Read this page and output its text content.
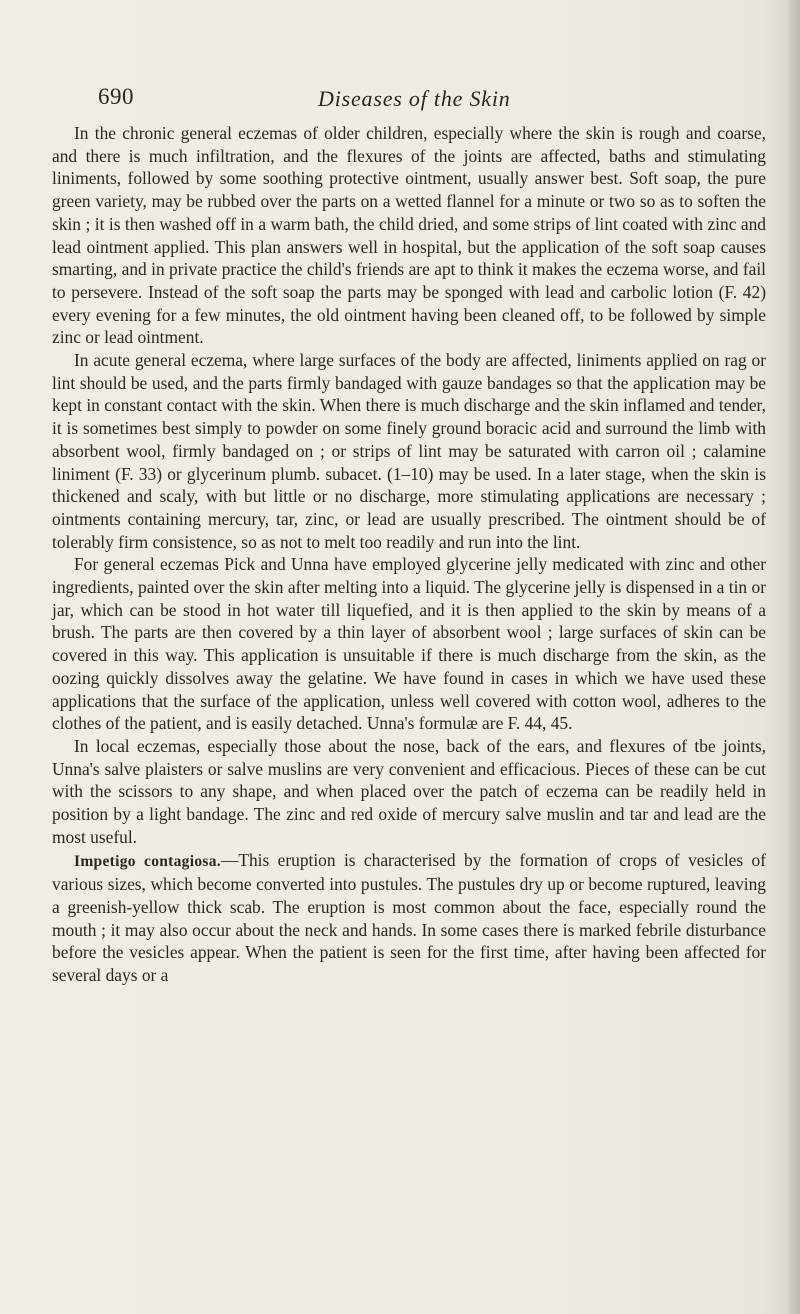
690	Diseases of the Skin

In the chronic general eczemas of older children, especially where the skin is rough and coarse, and there is much infiltration, and the flexures of the joints are affected, baths and stimulating liniments, followed by some soothing protective ointment, usually answer best. Soft soap, the pure green variety, may be rubbed over the parts on a wetted flannel for a minute or two so as to soften the skin ; it is then washed off in a warm bath, the child dried, and some strips of lint coated with zinc and lead ointment applied. This plan answers well in hospital, but the application of the soft soap causes smarting, and in private practice the child's friends are apt to think it makes the eczema worse, and fail to persevere. Instead of the soft soap the parts may be sponged with lead and carbolic lotion (F. 42) every evening for a few minutes, the old ointment having been cleaned off, to be followed by simple zinc or lead ointment.

In acute general eczema, where large surfaces of the body are affected, liniments applied on rag or lint should be used, and the parts firmly bandaged with gauze bandages so that the application may be kept in constant contact with the skin. When there is much discharge and the skin inflamed and tender, it is sometimes best simply to powder on some finely ground boracic acid and surround the limb with absorbent wool, firmly bandaged on ; or strips of lint may be saturated with carron oil ; calamine liniment (F. 33) or glycerinum plumb. subacet. (1–10) may be used. In a later stage, when the skin is thickened and scaly, with but little or no discharge, more stimulating applications are necessary ; ointments containing mercury, tar, zinc, or lead are usually prescribed. The ointment should be of tolerably firm consistence, so as not to melt too readily and run into the lint.

For general eczemas Pick and Unna have employed glycerine jelly medicated with zinc and other ingredients, painted over the skin after melting into a liquid. The glycerine jelly is dispensed in a tin or jar, which can be stood in hot water till liquefied, and it is then applied to the skin by means of a brush. The parts are then covered by a thin layer of absorbent wool ; large surfaces of skin can be covered in this way. This application is unsuitable if there is much discharge from the skin, as the oozing quickly dissolves away the gelatine. We have found in cases in which we have used these applications that the surface of the application, unless well covered with cotton wool, adheres to the clothes of the patient, and is easily detached. Unna's formulæ are F. 44, 45.

In local eczemas, especially those about the nose, back of the ears, and flexures of tbe joints, Unna's salve plaisters or salve muslins are very convenient and efficacious. Pieces of these can be cut with the scissors to any shape, and when placed over the patch of eczema can be readily held in position by a light bandage. The zinc and red oxide of mercury salve muslin and tar and lead are the most useful.

Impetigo contagiosa.—This eruption is characterised by the formation of crops of vesicles of various sizes, which become converted into pustules. The pustules dry up or become ruptured, leaving a greenish-yellow thick scab. The eruption is most common about the face, especially round the mouth ; it may also occur about the neck and hands. In some cases there is marked febrile disturbance before the vesicles appear. When the patient is seen for the first time, after having been affected for several days or a
